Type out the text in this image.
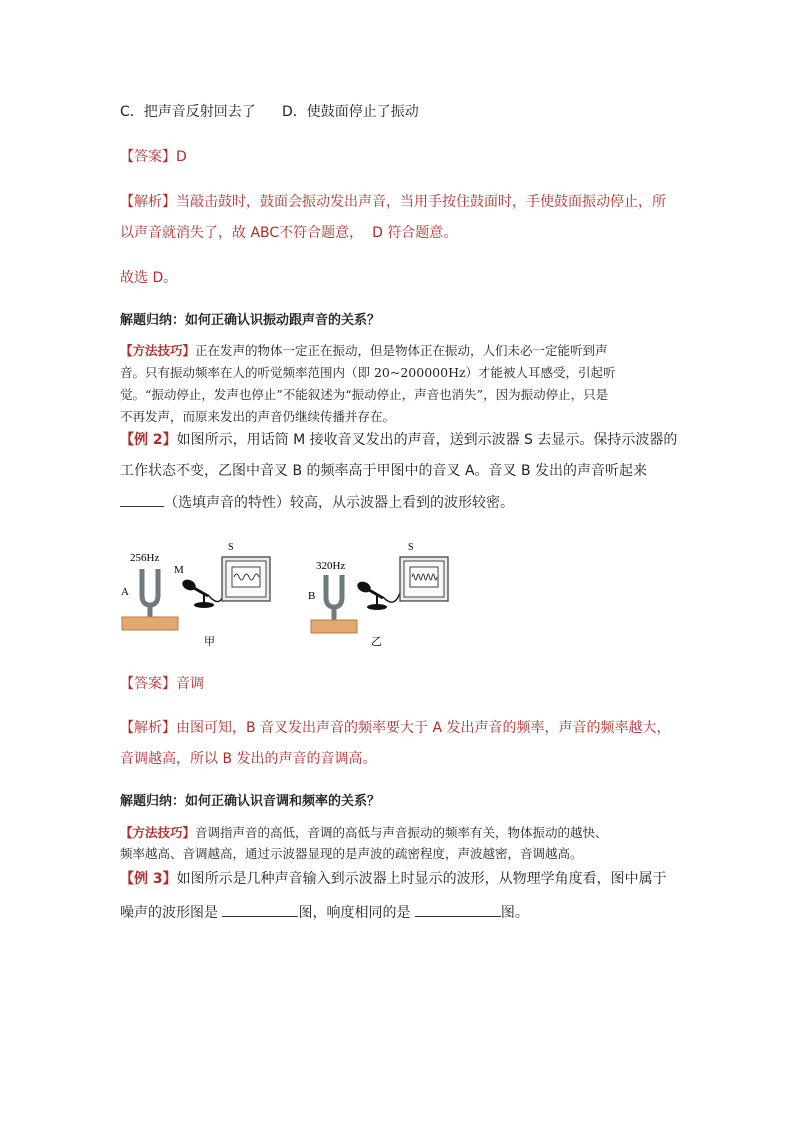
C．把声音反射回去了 D．使鼓面停止了振动
【答案】D
【解析】当敲击鼓时，鼓面会振动发出声音，当用手按住鼓面时，手使鼓面振动停止，所
以声音就消失了，故 ABC不符合题意， D 符合题意。
故选 D。
解题归纳：如何正确认识振动跟声音的关系？
【方法技巧】正在发声的物体一定正在振动，但是物体正在振动，人们未必一定能听到声
音。只有振动频率在人的听觉频率范围内（即 20~200000Hz）才能被人耳感受，引起听
觉。“振动停止，发声也停止”不能叙述为“振动停止，声音也消失”，因为振动停止，只是
不再发声，而原来发出的声音仍继续传播并存在。
【例 2】如图所示，用话筒 M 接收音叉发出的声音，送到示波器 S 去显示。保持示波器的
工作状态不变，乙图中音叉 B 的频率高于甲图中的音叉 A。音叉 B 发出的声音听起来
（选填声音的特性）较高，从示波器上看到的波形较密。
256Hz
A
M
S
甲
320Hz
B
S
乙
【答案】音调
【解析】由图可知，B 音叉发出声音的频率要大于 A 发出声音的频率，声音的频率越大，
音调越高，所以 B 发出的声音的音调高。
解题归纳：如何正确认识音调和频率的关系？
【方法技巧】音调指声音的高低，音调的高低与声音振动的频率有关，物体振动的越快、
频率越高、音调越高，通过示波器显现的是声波的疏密程度，声波越密，音调越高。
【例 3】如图所示是几种声音输入到示波器上时显示的波形，从物理学角度看，图中属于
噪声的波形图是	图，响度相同的是	图。
